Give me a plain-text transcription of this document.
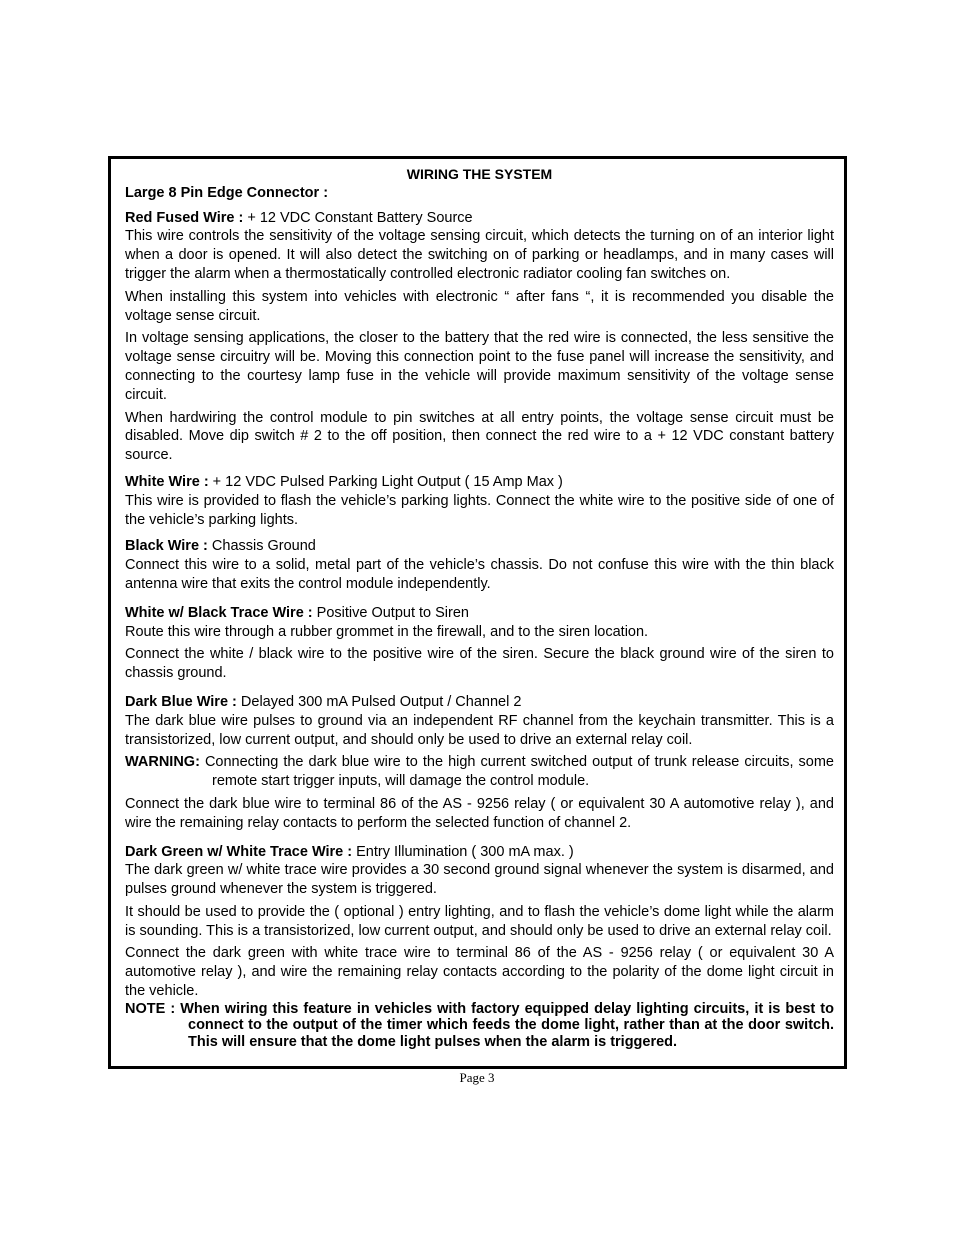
WIRING THE SYSTEM
Large 8 Pin Edge Connector :

Red Fused Wire : + 12 VDC Constant Battery Source
This wire controls the sensitivity of the voltage sensing circuit, which detects the turning on of an interior light when a door is opened. It will also detect the switching on of parking or headlamps, and in many cases will trigger the alarm when a thermostatically controlled electronic radiator cooling fan switches on.

When installing this system into vehicles with electronic “ after fans “, it is recommended you disable the voltage sense circuit.

In voltage sensing applications, the closer to the battery that the red wire is connected, the less sensitive the voltage sense circuitry will be. Moving this connection point to the fuse panel will increase the sensitivity, and connecting to the courtesy lamp fuse in the vehicle will provide maximum sensitivity of the voltage sense circuit.

When hardwiring the control module to pin switches at all entry points, the voltage sense circuit must be disabled. Move dip switch # 2 to the off position, then connect the red wire to a + 12 VDC constant battery source.

White Wire : + 12 VDC Pulsed Parking Light Output ( 15 Amp Max )
This wire is provided to flash the vehicle’s parking lights. Connect the white wire to the positive side of one of the vehicle’s parking lights.

Black Wire : Chassis Ground
Connect this wire to a solid, metal part of the vehicle’s chassis. Do not confuse this wire with the thin black antenna wire that exits the control module independently.

White w/ Black Trace Wire : Positive Output to Siren
Route this wire through a rubber grommet in the firewall, and to the siren location.

Connect the white / black wire to the positive wire of the siren. Secure the black ground wire of the siren to chassis ground.

Dark Blue Wire : Delayed 300 mA Pulsed Output / Channel 2
The dark blue wire pulses to ground via an independent RF channel from the keychain transmitter. This is a transistorized, low current output, and should only be used to drive an external relay coil.

WARNING: Connecting the dark blue wire to the high current switched output of trunk release circuits, some remote start trigger inputs, will damage the control module.

Connect the dark blue wire to terminal 86 of the AS - 9256 relay ( or equivalent 30 A automotive relay ), and wire the remaining relay contacts to perform the selected function of channel 2.

Dark Green w/ White Trace Wire : Entry Illumination ( 300 mA max. )
The dark green w/ white trace wire provides a 30 second ground signal whenever the system is disarmed, and pulses ground whenever the system is triggered.

It should be used to provide the ( optional ) entry lighting, and to flash the vehicle’s dome light while the alarm is sounding. This is a transistorized, low current output, and should only be used to drive an external relay coil.

Connect the dark green with white trace wire to terminal 86 of the AS - 9256 relay ( or equivalent 30 A automotive relay ), and wire the remaining relay contacts according to the polarity of the dome light circuit in the vehicle.

NOTE : When wiring this feature in vehicles with factory equipped delay lighting circuits, it is best to connect to the output of the timer which feeds the dome light, rather than at the door switch. This will ensure that the dome light pulses when the alarm is triggered.

Page 3
